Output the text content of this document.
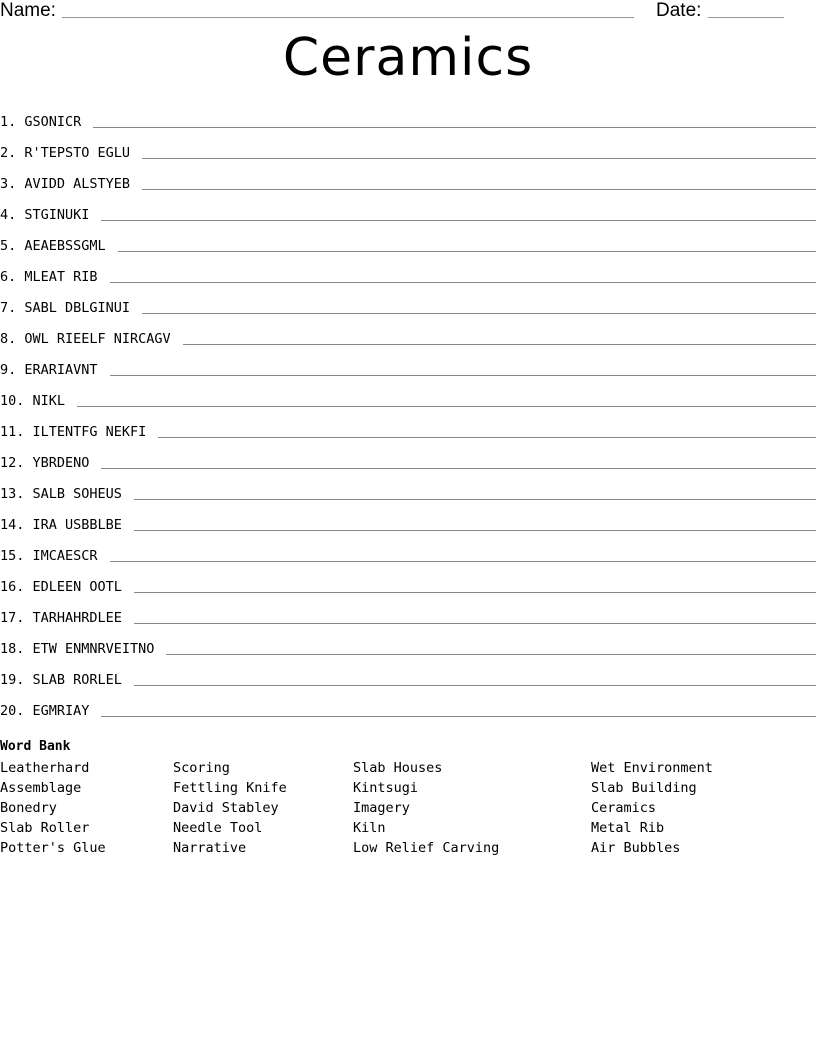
Name:	Date:
Ceramics
1. GSONICR
2. R'TEPSTO EGLU
3. AVIDD ALSTYEB
4. STGINUKI
5. AEAEBSSGML
6. MLEAT RIB
7. SABL DBLGINUI
8. OWL RIEELF NIRCAGV
9. ERARIAVNT
10. NIKL
11. ILTENTFG NEKFI
12. YBRDENO
13. SALB SOHEUS
14. IRA USBBLBE
15. IMCAESCR
16. EDLEEN OOTL
17. TARHAHRDLEE
18. ETW ENMNRVEITNO
19. SLAB RORLEL
20. EGMRIAY
Word Bank
Leatherhard
Assemblage
Bonedry
Slab Roller
Potter's Glue
Scoring
Fettling Knife
David Stabley
Needle Tool
Narrative
Slab Houses
Kintsugi
Imagery
Kiln
Low Relief Carving
Wet Environment
Slab Building
Ceramics
Metal Rib
Air Bubbles
